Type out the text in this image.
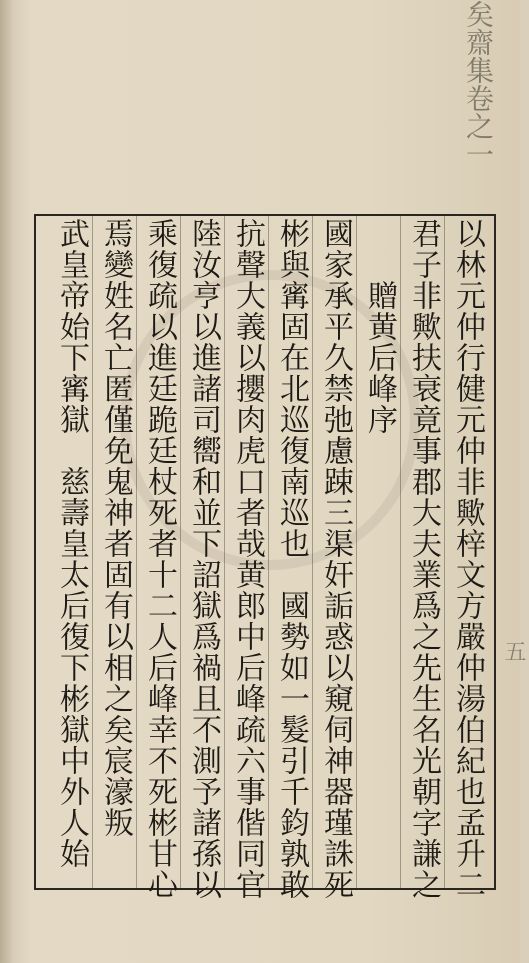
矣齋集卷之一
五
以林元仲行健元仲非歟梓文方嚴仲湯伯紀也孟升二
君子非歟扶衰竟事郡大夫業爲之先生名光朝字謙之
　　贈黄后峰序
國家承平久禁弛慮踈三渠奸詬惑以窺伺神器瑾誅死
彬與寗固在北巡復南巡也　國勢如一髮引千鈞孰敢
抗聲大義以攖肉虎口者哉黄郎中后峰疏六事偕同官
陸汝亨以進諸司嚮和並下詔獄爲禍且不測予諸孫以
乘復疏以進廷跪廷杖死者十二人后峰幸不死彬甘心
焉變姓名亡匿僅免鬼神者固有以相之矣宸濠叛
武皇帝始下寗獄　慈壽皇太后復下彬獄中外人始
